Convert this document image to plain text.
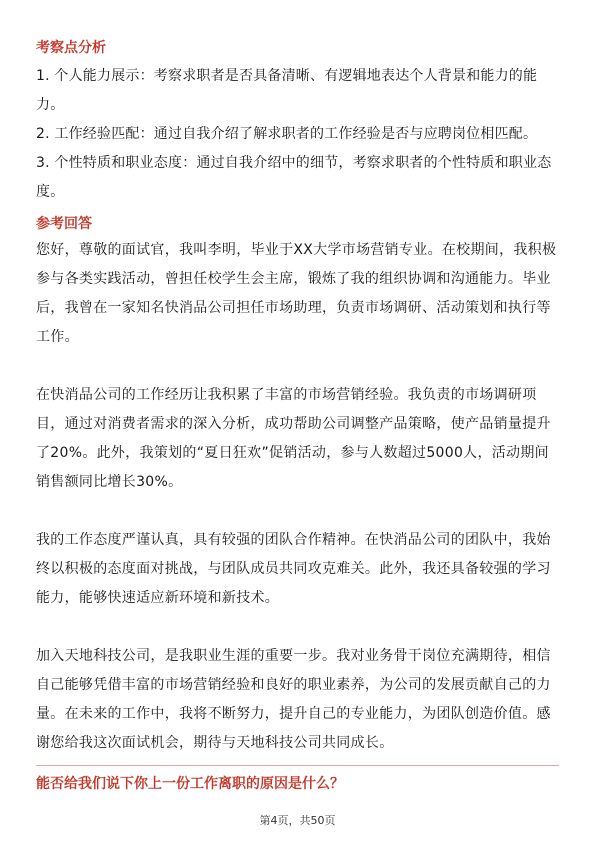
考察点分析
1. 个人能力展示：考察求职者是否具备清晰、有逻辑地表达个人背景和能力的能力。
2. 工作经验匹配：通过自我介绍了解求职者的工作经验是否与应聘岗位相匹配。
3. 个性特质和职业态度：通过自我介绍中的细节，考察求职者的个性特质和职业态度。
参考回答

您好，尊敬的面试官，我叫李明，毕业于XX大学市场营销专业。在校期间，我积极参与各类实践活动，曾担任校学生会主席，锻炼了我的组织协调和沟通能力。毕业后，我曾在一家知名快消品公司担任市场助理，负责市场调研、活动策划和执行等工作。

在快消品公司的工作经历让我积累了丰富的市场营销经验。我负责的市场调研项目，通过对消费者需求的深入分析，成功帮助公司调整产品策略，使产品销量提升了20%。此外，我策划的“夏日狂欢”促销活动，参与人数超过5000人，活动期间销售额同比增长30%。

我的工作态度严谨认真，具有较强的团队合作精神。在快消品公司的团队中，我始终以积极的态度面对挑战，与团队成员共同攻克难关。此外，我还具备较强的学习能力，能够快速适应新环境和新技术。

加入天地科技公司，是我职业生涯的重要一步。我对业务骨干岗位充满期待，相信自己能够凭借丰富的市场营销经验和良好的职业素养，为公司的发展贡献自己的力量。在未来的工作中，我将不断努力，提升自己的专业能力，为团队创造价值。感谢您给我这次面试机会，期待与天地科技公司共同成长。

能否给我们说下你上一份工作离职的原因是什么？
第4页，共50页
